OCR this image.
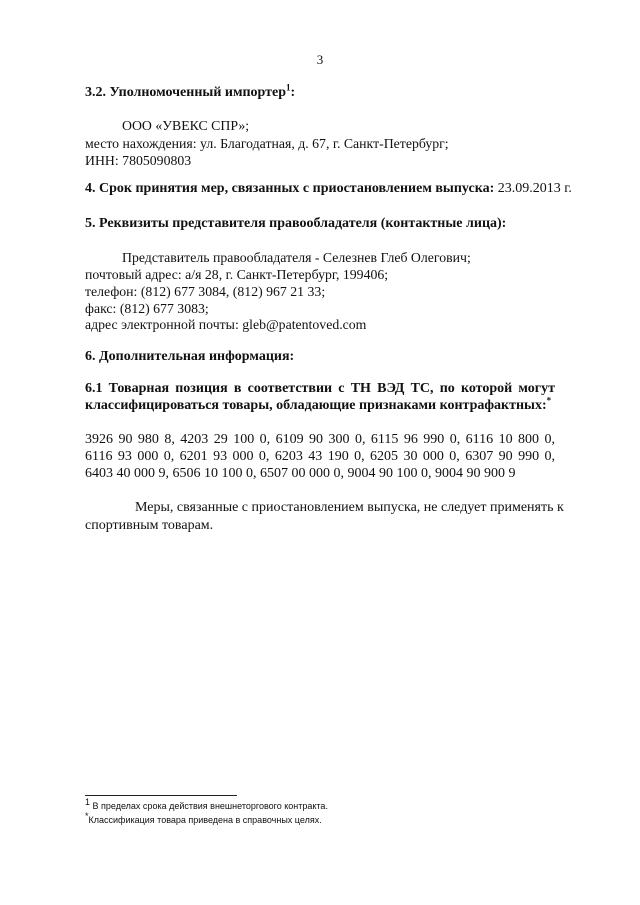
3
3.2. Уполномоченный импортер$^1$:
ООО «УВЕКС СПР»;
место нахождения: ул. Благодатная, д. 67, г. Санкт-Петербург;
ИНН: 7805090803
4. Срок принятия мер, связанных с приостановлением выпуска: 23.09.2013 г.
5. Реквизиты представителя правообладателя (контактные лица):
Представитель правообладателя - Селезнев Глеб Олегович;
почтовый адрес: а/я 28, г. Санкт-Петербург, 199406;
телефон: (812) 677 3084, (812) 967 21 33;
факс: (812) 677 3083;
адрес электронной почты: gleb@patentoved.com
6. Дополнительная информация:
6.1 Товарная позиция в соответствии с ТН ВЭД ТС, по которой могут
классифицироваться товары, обладающие признаками контрафактных:*
3926 90 980 8, 4203 29 100 0, 6109 90 300 0, 6115 96 990 0, 6116 10 800 0,
6116 93 000 0, 6201 93 000 0, 6203 43 190 0, 6205 30 000 0, 6307 90 990 0,
6403 40 000 9, 6506 10 100 0, 6507 00 000 0, 9004 90 100 0, 9004 90 900 9
Меры, связанные с приостановлением выпуска, не следует применять к
спортивным товарам.
1 В пределах срока действия внешнеторгового контракта.
*Классификация товара приведена в справочных целях.
